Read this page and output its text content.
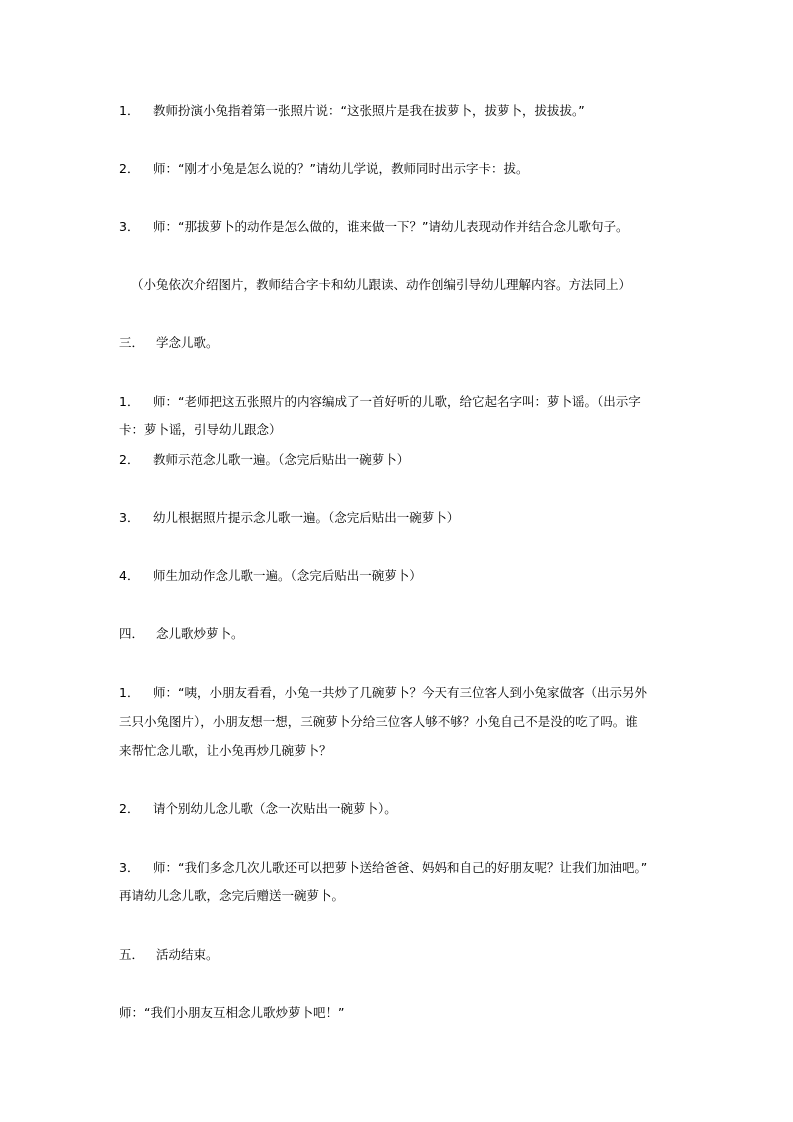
1． 教师扮演小兔指着第一张照片说：“这张照片是我在拔萝卜，拔萝卜，拔拔拔。”
2． 师：“刚才小兔是怎么说的？”请幼儿学说，教师同时出示字卡：拔。
3． 师：“那拔萝卜的动作是怎么做的，谁来做一下？”请幼儿表现动作并结合念儿歌句子。
（小兔依次介绍图片，教师结合字卡和幼儿跟读、动作创编引导幼儿理解内容。方法同上）
三． 学念儿歌。
1． 师：“老师把这五张照片的内容编成了一首好听的儿歌，给它起名字叫：萝卜谣。（出示字
卡：萝卜谣，引导幼儿跟念）
2． 教师示范念儿歌一遍。（念完后贴出一碗萝卜）
3． 幼儿根据照片提示念儿歌一遍。（念完后贴出一碗萝卜）
4． 师生加动作念儿歌一遍。（念完后贴出一碗萝卜）
四． 念儿歌炒萝卜。
1． 师：“咦，小朋友看看，小兔一共炒了几碗萝卜？今天有三位客人到小兔家做客（出示另外
三只小兔图片），小朋友想一想，三碗萝卜分给三位客人够不够？小兔自己不是没的吃了吗。谁
来帮忙念儿歌，让小兔再炒几碗萝卜？
2． 请个别幼儿念儿歌（念一次贴出一碗萝卜）。
3． 师：“我们多念几次儿歌还可以把萝卜送给爸爸、妈妈和自己的好朋友呢？让我们加油吧。”
再请幼儿念儿歌，念完后赠送一碗萝卜。
五． 活动结束。
师：“我们小朋友互相念儿歌炒萝卜吧！”
